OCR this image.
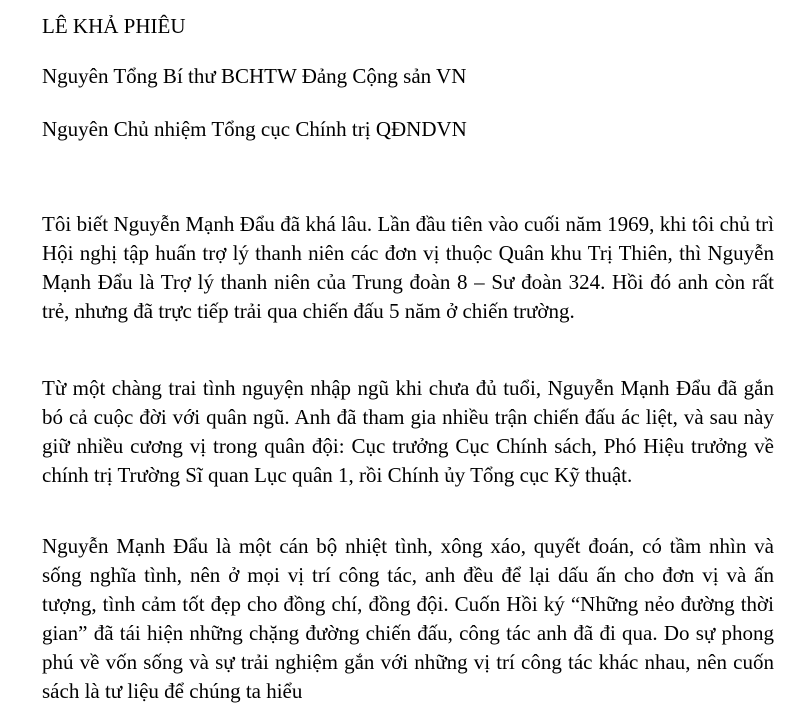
LÊ KHẢ PHIÊU

Nguyên Tổng Bí thư BCHTW Đảng Cộng sản VN

Nguyên Chủ nhiệm Tổng cục Chính trị QĐNDVN

Tôi biết Nguyễn Mạnh Đẩu đã khá lâu. Lần đầu tiên vào cuối năm 1969, khi tôi chủ trì Hội nghị tập huấn trợ lý thanh niên các đơn vị thuộc Quân khu Trị Thiên, thì Nguyễn Mạnh Đẩu là Trợ lý thanh niên của Trung đoàn 8 – Sư đoàn 324. Hồi đó anh còn rất trẻ, nhưng đã trực tiếp trải qua chiến đấu 5 năm ở chiến trường.

Từ một chàng trai tình nguyện nhập ngũ khi chưa đủ tuổi, Nguyễn Mạnh Đẩu đã gắn bó cả cuộc đời với quân ngũ. Anh đã tham gia nhiều trận chiến đấu ác liệt, và sau này giữ nhiều cương vị trong quân đội: Cục trưởng Cục Chính sách, Phó Hiệu trưởng về chính trị Trường Sĩ quan Lục quân 1, rồi Chính ủy Tổng cục Kỹ thuật.

Nguyễn Mạnh Đẩu là một cán bộ nhiệt tình, xông xáo, quyết đoán, có tầm nhìn và sống nghĩa tình, nên ở mọi vị trí công tác, anh đều để lại dấu ấn cho đơn vị và ấn tượng, tình cảm tốt đẹp cho đồng chí, đồng đội. Cuốn Hồi ký “Những nẻo đường thời gian” đã tái hiện những chặng đường chiến đấu, công tác anh đã đi qua. Do sự phong phú về vốn sống và sự trải nghiệm gắn với những vị trí công tác khác nhau, nên cuốn sách là tư liệu để chúng ta hiểu
